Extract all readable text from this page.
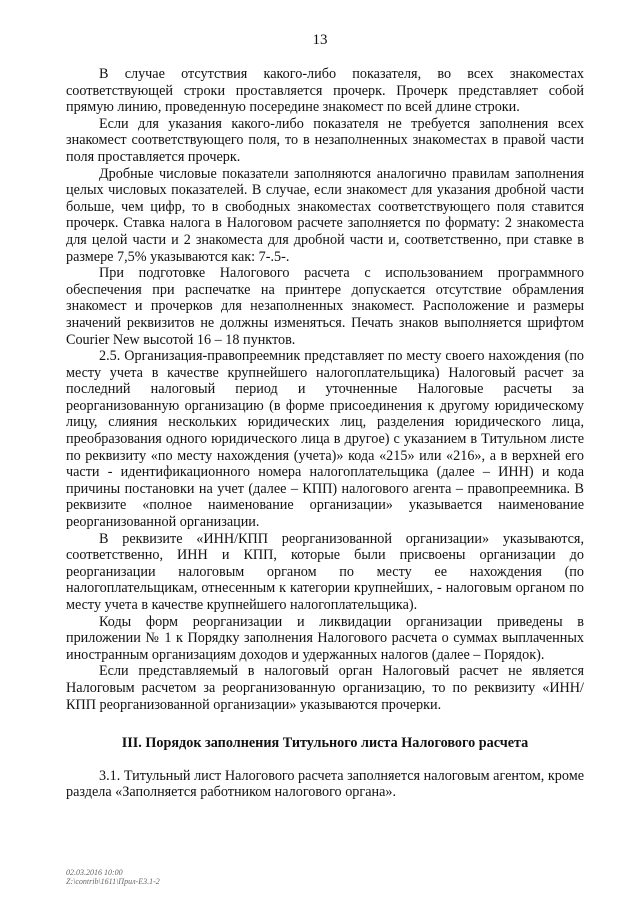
13

В случае отсутствия какого-либо показателя, во всех знакоместах соответствующей строки проставляется прочерк. Прочерк представляет собой прямую линию, проведенную посередине знакомест по всей длине строки.

Если для указания какого-либо показателя не требуется заполнения всех знакомест соответствующего поля, то в незаполненных знакоместах в правой части поля проставляется прочерк.

Дробные числовые показатели заполняются аналогично правилам заполнения целых числовых показателей. В случае, если знакомест для указания дробной части больше, чем цифр, то в свободных знакоместах соответствующего поля ставится прочерк. Ставка налога в Налоговом расчете заполняется по формату: 2 знакоместа для целой части и 2 знакоместа для дробной части и, соответственно, при ставке в размере 7,5% указываются как: 7-.5-.

При подготовке Налогового расчета с использованием программного обеспечения при распечатке на принтере допускается отсутствие обрамления знакомест и прочерков для незаполненных знакомест. Расположение и размеры значений реквизитов не должны изменяться. Печать знаков выполняется шрифтом Courier New высотой 16 – 18 пунктов.

2.5. Организация-правопреемник представляет по месту своего нахождения (по месту учета в качестве крупнейшего налогоплательщика) Налоговый расчет за последний налоговый период и уточненные Налоговые расчеты за реорганизованную организацию (в форме присоединения к другому юридическому лицу, слияния нескольких юридических лиц, разделения юридического лица, преобразования одного юридического лица в другое) с указанием в Титульном листе по реквизиту «по месту нахождения (учета)» кода «215» или «216», а в верхней его части - идентификационного номера налогоплательщика (далее – ИНН) и кода причины постановки на учет (далее – КПП) налогового агента – правопреемника. В реквизите «полное наименование организации» указывается наименование реорганизованной организации.

В реквизите «ИНН/КПП реорганизованной организации» указываются, соответственно, ИНН и КПП, которые были присвоены организации до реорганизации налоговым органом по месту ее нахождения (по налогоплательщикам, отнесенным к категории крупнейших, - налоговым органом по месту учета в качестве крупнейшего налогоплательщика).

Коды форм реорганизации и ликвидации организации приведены в приложении № 1 к Порядку заполнения Налогового расчета о суммах выплаченных иностранным организациям доходов и удержанных налогов (далее – Порядок).

Если представляемый в налоговый орган Налоговый расчет не является Налоговым расчетом за реорганизованную организацию, то по реквизиту «ИНН/КПП реорганизованной организации» указываются прочерки.

III. Порядок заполнения Титульного листа Налогового расчета

3.1. Титульный лист Налогового расчета заполняется налоговым агентом, кроме раздела «Заполняется работником налогового органа».

02.03.2016 10:00
Z:\contrib\1611\Прил-E3.1-2
